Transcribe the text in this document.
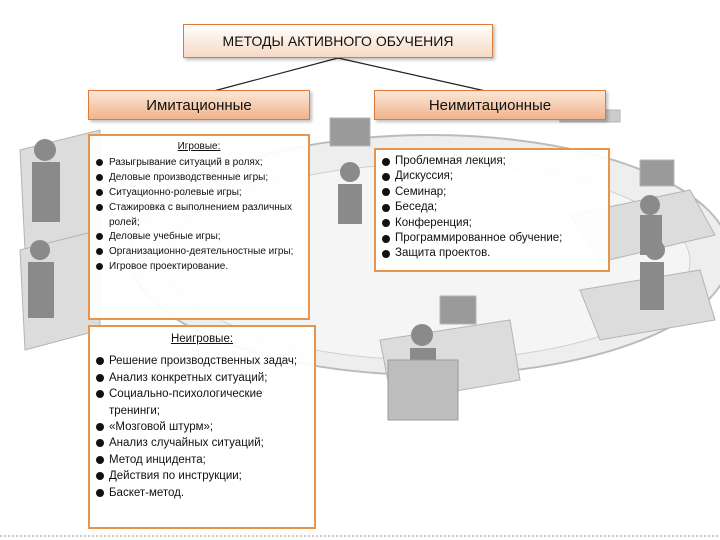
МЕТОДЫ АКТИВНОГО ОБУЧЕНИЯ
Имитационные	Неимитационные
Игровые:
Разыгрывание ситуаций в ролях;
Деловые производственные игры;
Ситуационно-ролевые игры;
Стажировка с выполнением различных ролей;
Деловые учебные игры;
Организационно-деятельностные игры;
Игровое проектирование.
Неигровые:
Решение производственных задач;
Анализ конкретных ситуаций;
Социально-психологические тренинги;
«Мозговой штурм»;
Анализ случайных ситуаций;
Метод инцидента;
Действия по инструкции;
Баскет-метод.
Проблемная лекция;
Дискуссия;
Семинар;
Беседа;
Конференция;
Программированное обучение;
Защита проектов.
